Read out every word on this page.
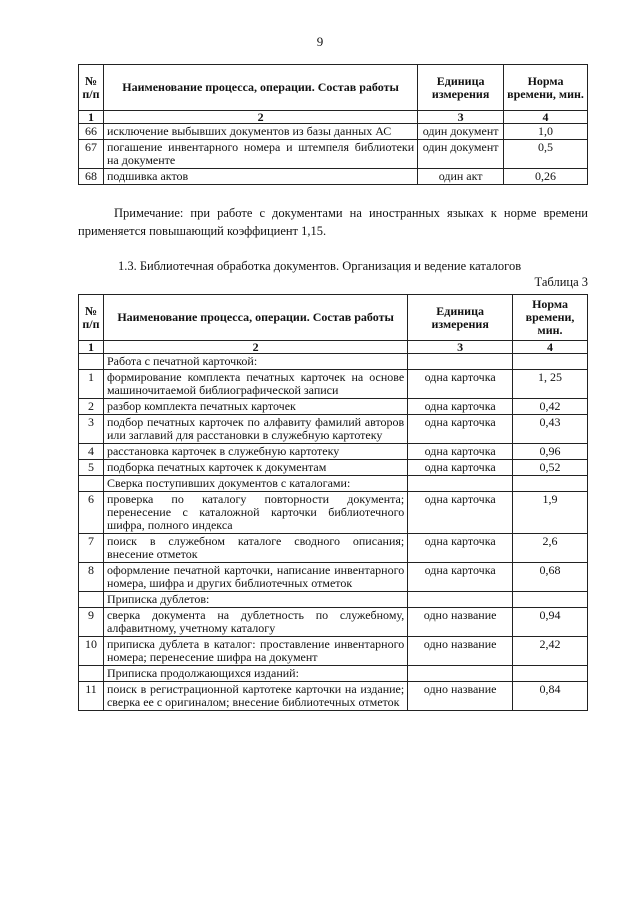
9
№ п/п	Наименование процесса, операции. Состав работы	Единица измерения	Норма времени, мин.
1	2	3	4
66	исключение выбывших документов из базы данных АС	один документ	1,0
67	погашение инвентарного номера и штемпеля библиотеки на документе	один документ	0,5
68	подшивка актов	один акт	0,26
Примечание: при работе с документами на иностранных языках к норме времени применяется повышающий коэффициент 1,15.
1.3. Библиотечная обработка документов. Организация и ведение каталогов
Таблица 3
№ п/п	Наименование процесса, операции. Состав работы	Единица измерения	Норма времени, мин.
1	2	3	4
	Работа с печатной карточкой:		
1	формирование комплекта печатных карточек на основе машиночитаемой библиографической записи	одна карточка	1, 25
2	разбор комплекта печатных карточек	одна карточка	0,42
3	подбор печатных карточек по алфавиту фамилий авторов или заглавий для расстановки в служебную картотеку	одна карточка	0,43
4	расстановка карточек в служебную картотеку	одна карточка	0,96
5	подборка печатных карточек к документам	одна карточка	0,52
	Сверка поступивших документов с каталогами:		
6	проверка по каталогу повторности документа; перенесение с каталожной карточки библиотечного шифра, полного индекса	одна карточка	1,9
7	поиск в служебном каталоге сводного описания; внесение отметок	одна карточка	2,6
8	оформление печатной карточки, написание инвентарного номера, шифра и других библиотечных отметок	одна карточка	0,68
	Приписка дублетов:		
9	сверка документа на дублетность по служебному, алфавитному, учетному каталогу	одно название	0,94
10	приписка дублета в каталог: проставление инвентарного номера; перенесение шифра на документ	одно название	2,42
	Приписка продолжающихся изданий:		
11	поиск в регистрационной картотеке карточки на издание; сверка ее с оригиналом; внесение библиотечных отметок	одно название	0,84
